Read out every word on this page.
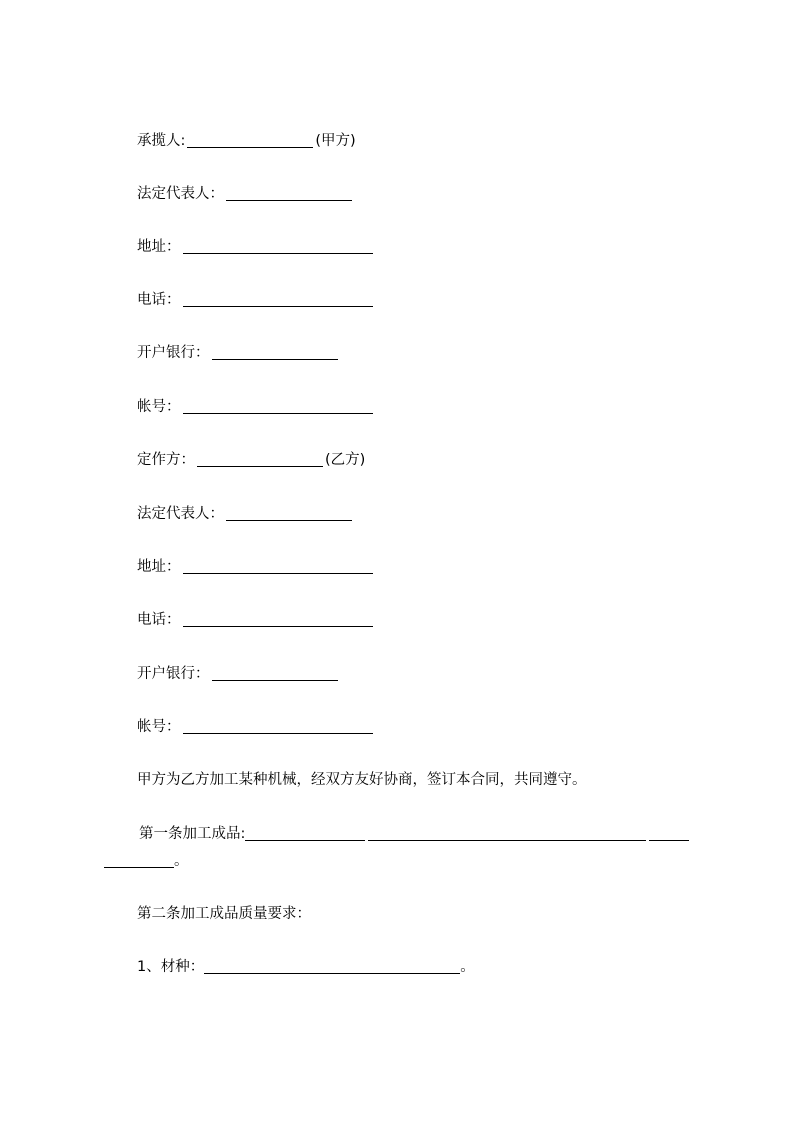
承揽人:	(甲方)
法定代表人：
地址：
电话：
开户银行：
帐号：
定作方：	(乙方)
法定代表人：
地址：
电话：
开户银行：
帐号：
甲方为乙方加工某种机械，经双方友好协商，签订本合同，共同遵守。
第一条加工成品:
。
第二条加工成品质量要求：
1、材种：	。
